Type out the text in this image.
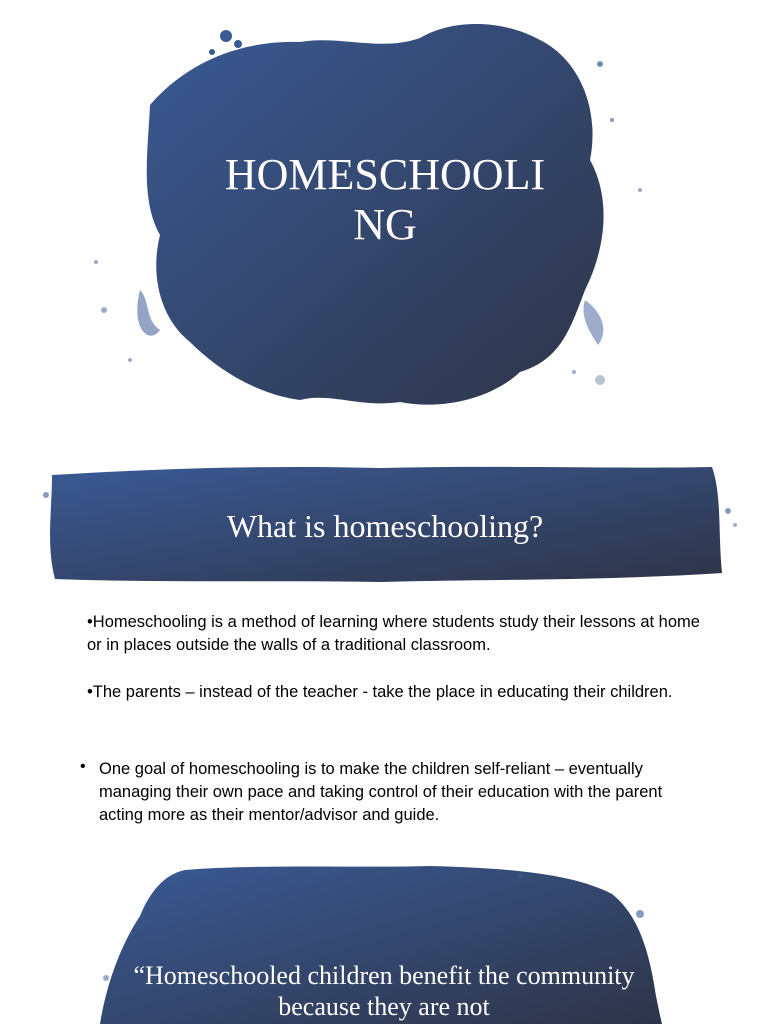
HOMESCHOOLI NG
What is homeschooling?

•Homeschooling is a method of learning where students study their lessons at home or in places outside the walls of a traditional classroom.

•The parents – instead of the teacher - take the place in educating their children.

• One goal of homeschooling is to make the children self-reliant – eventually managing their own pace and taking control of their education with the parent acting more as their mentor/advisor and guide.
“Homeschooled children benefit the community because they are not
